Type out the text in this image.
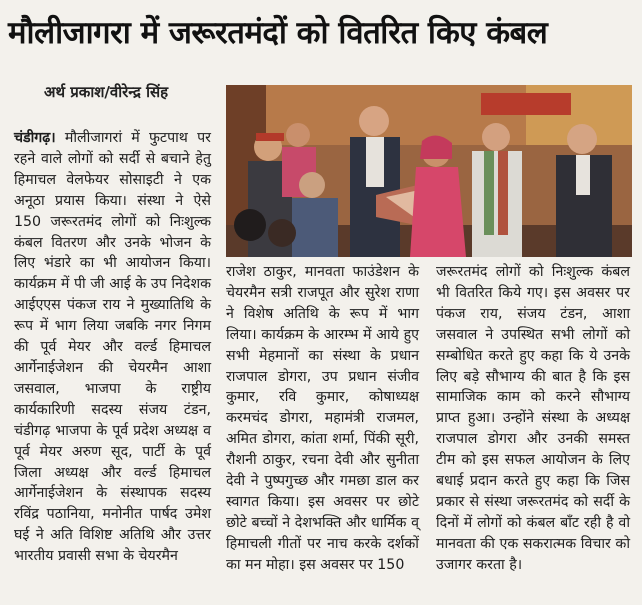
मौलीजागरा में जरूरतमंदों को वितरित किए कंबल
अर्थ प्रकाश/वीरेन्द्र सिंह
चंडीगढ़। मौलीजागरां में फुटपाथ पर रहने वाले लोगों को सर्दी से बचाने हेतु हिमाचल वेलफेयर सोसाइटी ने एक अनूठा प्रयास किया। संस्था ने ऐसे 150 जरूरतमंद लोगों को निःशुल्क कंबल वितरण और उनके भोजन के लिए भंडारे का भी आयोजन किया। कार्यक्रम में पी जी आई के उप निदेशक आईएएस पंकज राय ने मुख्यातिथि के रूप में भाग लिया जबकि नगर निगम की पूर्व मेयर और वर्ल्ड हिमाचल आर्गेनाईजेशन की चेयरमैन आशा जसवाल, भाजपा के राष्ट्रीय कार्यकारिणी सदस्य संजय टंडन, चंडीगढ़ भाजपा के पूर्व प्रदेश अध्यक्ष व पूर्व मेयर अरुण सूद, पार्टी के पूर्व जिला अध्यक्ष और वर्ल्ड हिमाचल आर्गेनाईजेशन के संस्थापक सदस्य रविंद्र पठानिया, मनोनीत पार्षद उमेश घई ने अति विशिष्ट अतिथि और उत्तर भारतीय प्रवासी सभा के चेयरमैन
राजेश ठाकुर, मानवता फाउंडेशन के चेयरमैन सत्री राजपूत और सुरेश राणा ने विशेष अतिथि के रूप में भाग लिया। कार्यक्रम के आरम्भ में आये हुए सभी मेहमानों का संस्था के प्रधान राजपाल डोगरा, उप प्रधान संजीव कुमार, रवि कुमार, कोषाध्यक्ष करमचंद डोगरा, महामंत्री राजमल, अमित डोगरा, कांता शर्मा, पिंकी सूरी, रौशनी ठाकुर, रचना देवी और सुनीता देवी ने पुष्पगुच्छ और गमछा डाल कर स्वागत किया। इस अवसर पर छोटे छोटे बच्चों ने देशभक्ति और धार्मिक व् हिमाचली गीतों पर नाच करके दर्शकों का मन मोहा। इस अवसर पर 150
जरूरतमंद लोगों को निःशुल्क कंबल भी वितरित किये गए। इस अवसर पर पंकज राय, संजय टंडन, आशा जसवाल ने उपस्थित सभी लोगों को सम्बोधित करते हुए कहा कि ये उनके लिए बड़े सौभाग्य की बात है कि इस सामाजिक काम को करने सौभाग्य प्राप्त हुआ। उन्होंने संस्था के अध्यक्ष राजपाल डोगरा और उनकी समस्त टीम को इस सफल आयोजन के लिए बधाई प्रदान करते हुए कहा कि जिस प्रकार से संस्था जरूरतमंद को सर्दी के दिनों में लोगों को कंबल बाँट रही है वो मानवता की एक सकरात्मक विचार को उजागर करता है।
